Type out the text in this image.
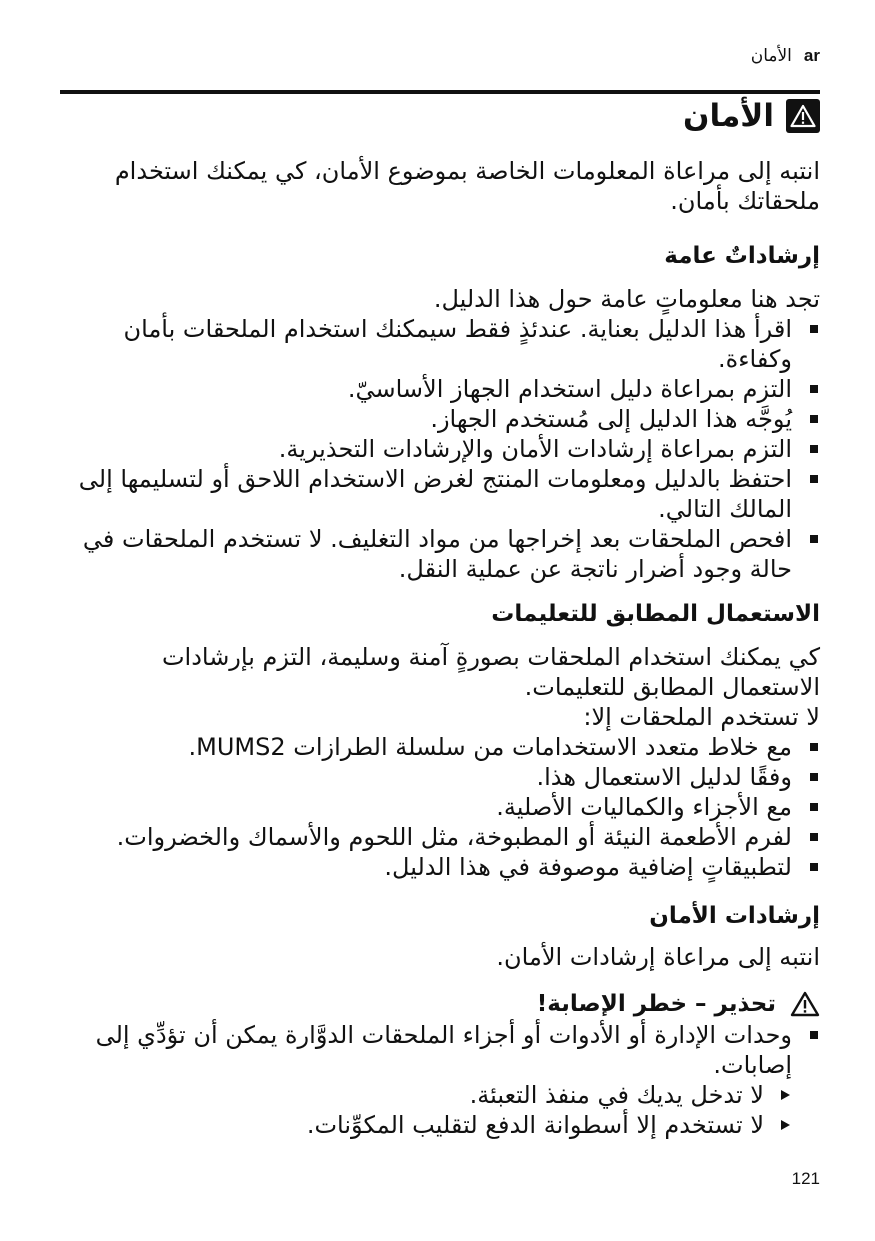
ar
الأمان
الأمان

انتبه إلى مراعاة المعلومات الخاصة بموضوع الأمان، كي يمكنك استخدام ملحقاتك بأمان.

إرشاداتٌ عامة

تجد هنا معلوماتٍ عامة حول هذا الدليل.

اقرأ هذا الدليل بعناية. عندئذٍ فقط سيمكنك استخدام الملحقات بأمان وكفاءة.
التزم بمراعاة دليل استخدام الجهاز الأساسيّ.
يُوجَّه هذا الدليل إلى مُستخدم الجهاز.
التزم بمراعاة إرشادات الأمان والإرشادات التحذيرية.
احتفظ بالدليل ومعلومات المنتج لغرض الاستخدام اللاحق أو لتسليمها إلى المالك التالي.
افحص الملحقات بعد إخراجها من مواد التغليف. لا تستخدم الملحقات في حالة وجود أضرار ناتجة عن عملية النقل.
الاستعمال المطابق للتعليمات

كي يمكنك استخدام الملحقات بصورةٍ آمنة وسليمة، التزم بإرشادات الاستعمال المطابق للتعليمات.

لا تستخدم الملحقات إلا:

مع خلاط متعدد الاستخدامات من سلسلة الطرازات MUMS2.
وفقًا لدليل الاستعمال هذا.
مع الأجزاء والكماليات الأصلية.
لفرم الأطعمة النيئة أو المطبوخة، مثل اللحوم والأسماك والخضروات.
لتطبيقاتٍ إضافية موصوفة في هذا الدليل.
إرشادات الأمان

انتبه إلى مراعاة إرشادات الأمان.

تحذير – خطر الإصابة!
وحدات الإدارة أو الأدوات أو أجزاء الملحقات الدوَّارة يمكن أن تؤدِّي إلى إصابات.
لا تدخل يديك في منفذ التعبئة.
لا تستخدم إلا أسطوانة الدفع لتقليب المكوِّنات.
121
